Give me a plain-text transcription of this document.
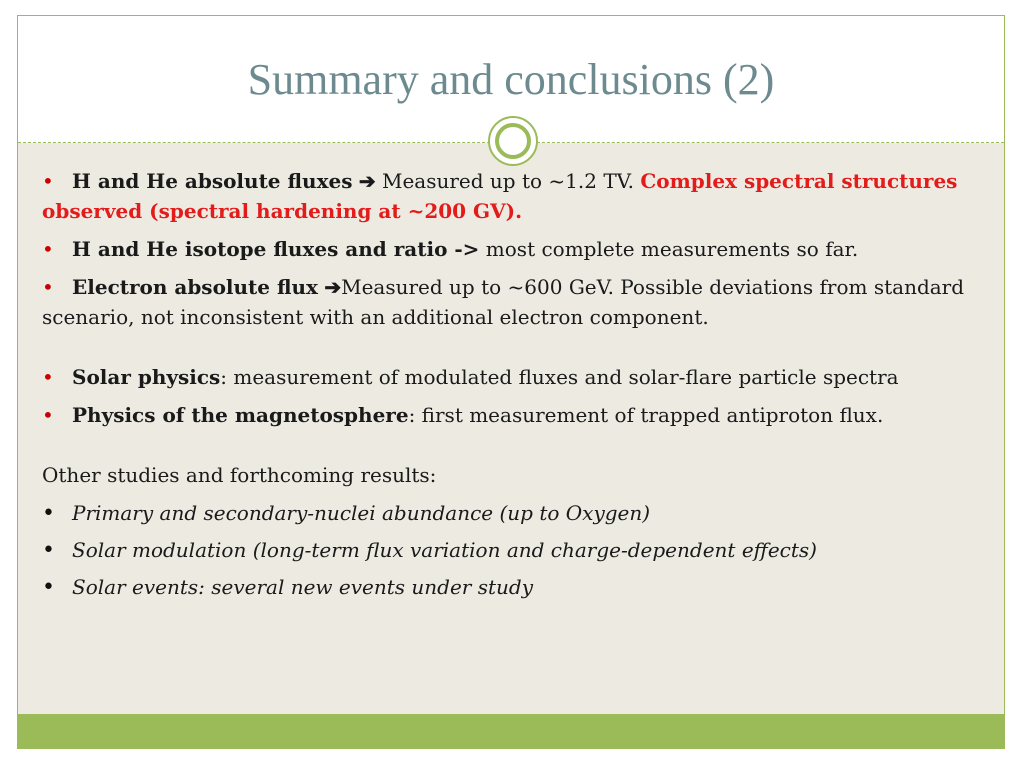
Summary and conclusions (2)

• H and He absolute fluxes ➔ Measured up to ~1.2 TV. Complex spectral structures observed (spectral hardening at ~200 GV).

• H and He isotope fluxes and ratio -> most complete measurements so far.

• Electron absolute flux ➔Measured up to ~600 GeV. Possible deviations from standard scenario, not inconsistent with an additional electron component.

• Solar physics: measurement of modulated fluxes and solar-flare particle spectra

• Physics of the magnetosphere: first measurement of trapped antiproton flux.

Other studies and forthcoming results:

• Primary and secondary-nuclei abundance (up to Oxygen)

• Solar modulation (long-term flux variation and charge-dependent effects)

• Solar events: several new events under study
